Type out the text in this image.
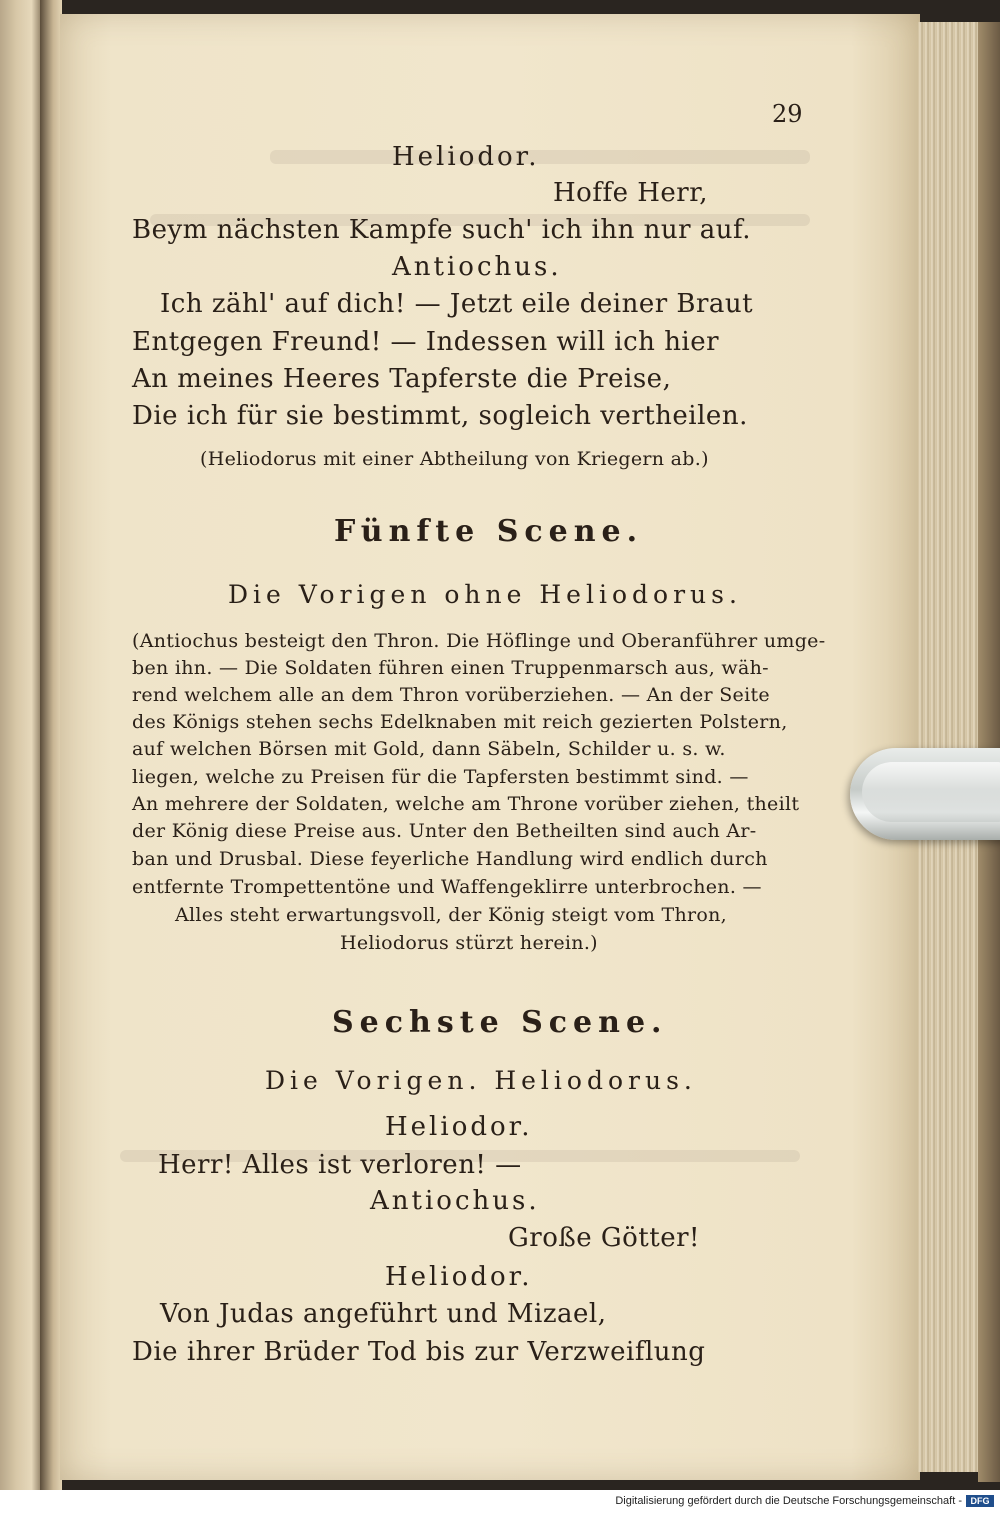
29
Heliodor.
Hoffe Herr,
Beym nächsten Kampfe such' ich ihn nur auf.
Antiochus.
Ich zähl' auf dich! — Jetzt eile deiner Braut
Entgegen Freund! — Indessen will ich hier
An meines Heeres Tapferste die Preise,
Die ich für sie bestimmt, sogleich vertheilen.
(Heliodorus mit einer Abtheilung von Kriegern ab.)
Fünfte Scene.
Die Vorigen ohne Heliodorus.
(Antiochus besteigt den Thron. Die Höflinge und Oberanführer umge-
ben ihn. — Die Soldaten führen einen Truppenmarsch aus, wäh-
rend welchem alle an dem Thron vorüberziehen. — An der Seite
des Königs stehen sechs Edelknaben mit reich gezierten Polstern,
auf welchen Börsen mit Gold, dann Säbeln, Schilder u. s. w.
liegen, welche zu Preisen für die Tapfersten bestimmt sind. —
An mehrere der Soldaten, welche am Throne vorüber ziehen, theilt
der König diese Preise aus. Unter den Betheilten sind auch Ar-
ban und Drusbal. Diese feyerliche Handlung wird endlich durch
entfernte Trompettentöne und Waffengeklirre unterbrochen. —
Alles steht erwartungsvoll, der König steigt vom Thron,
Heliodorus stürzt herein.)
Sechste Scene.
Die Vorigen. Heliodorus.
Heliodor.
Herr! Alles ist verloren! —
Antiochus.
Große Götter!
Heliodor.
Von Judas angeführt und Mizael,
Die ihrer Brüder Tod bis zur Verzweiflung
Digitalisierung gefördert durch die Deutsche Forschungsgemeinschaft - DFG
